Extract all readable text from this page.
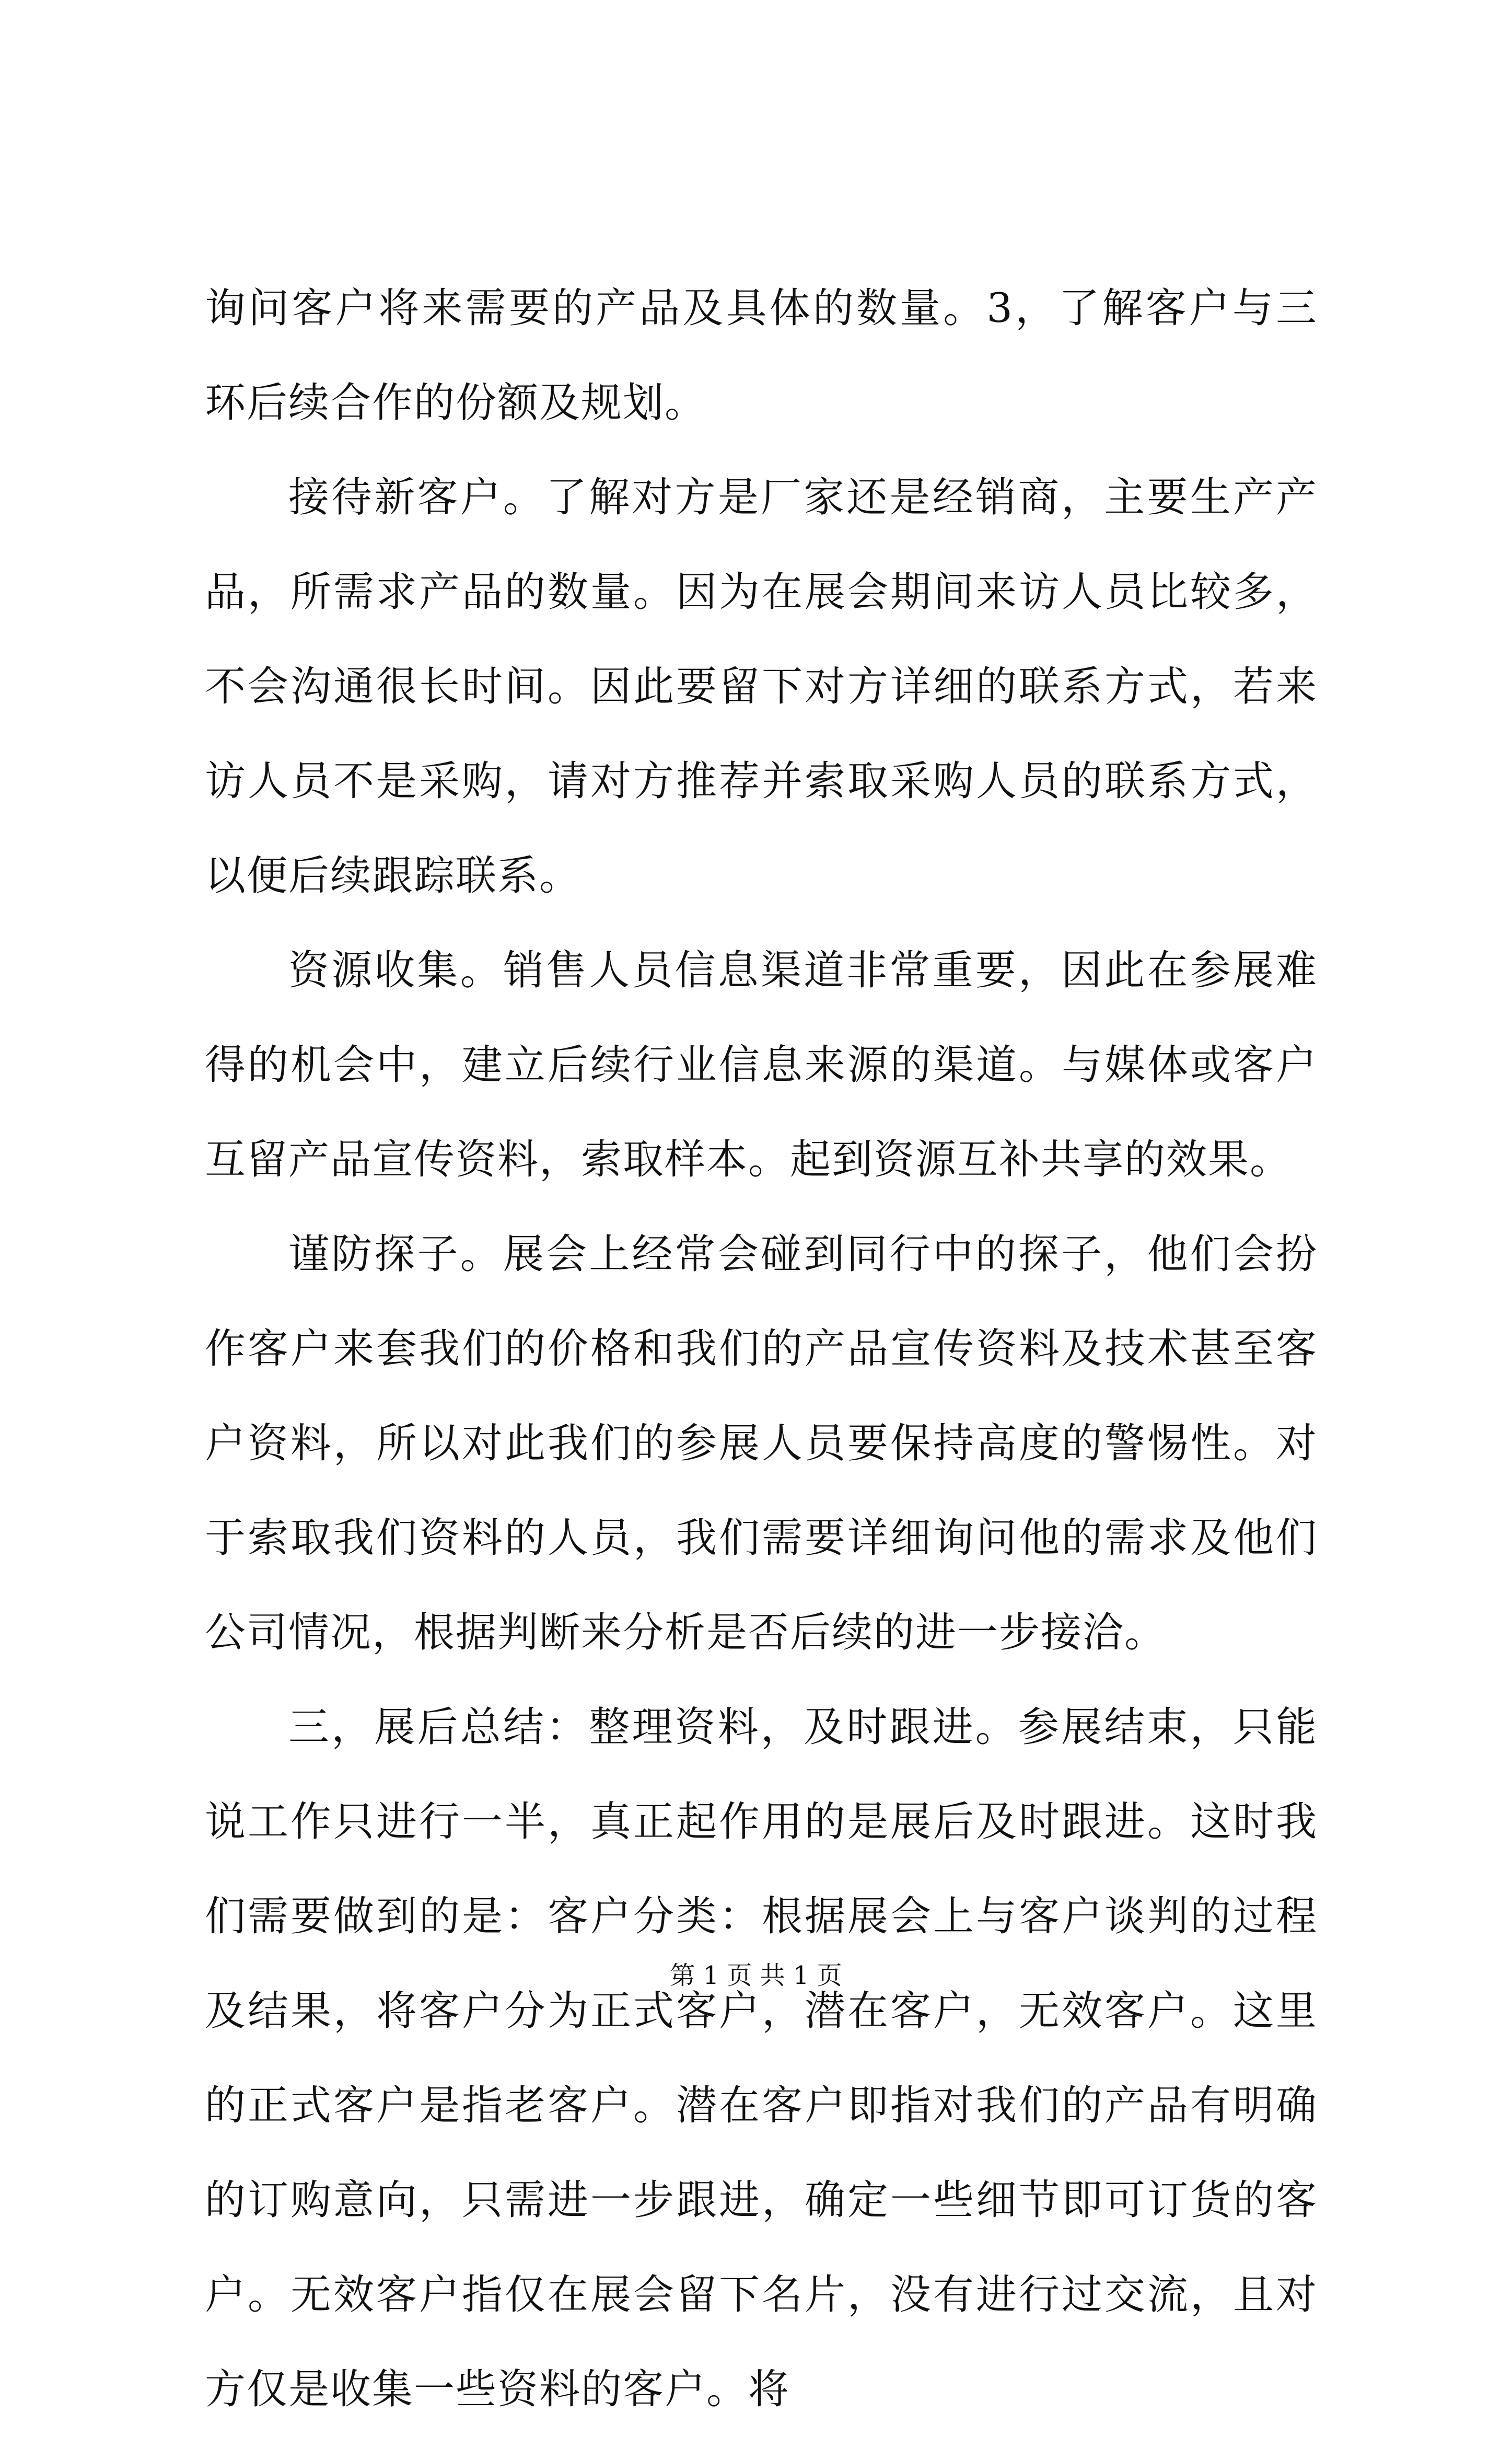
询问客户将来需要的产品及具体的数量。3，了解客户与三环后续合作的份额及规划。

接待新客户。了解对方是厂家还是经销商，主要生产产品，所需求产品的数量。因为在展会期间来访人员比较多，不会沟通很长时间。因此要留下对方详细的联系方式，若来访人员不是采购，请对方推荐并索取采购人员的联系方式，以便后续跟踪联系。

资源收集。销售人员信息渠道非常重要，因此在参展难得的机会中，建立后续行业信息来源的渠道。与媒体或客户互留产品宣传资料，索取样本。起到资源互补共享的效果。

谨防探子。展会上经常会碰到同行中的探子，他们会扮作客户来套我们的价格和我们的产品宣传资料及技术甚至客户资料，所以对此我们的参展人员要保持高度的警惕性。对于索取我们资料的人员，我们需要详细询问他的需求及他们公司情况，根据判断来分析是否后续的进一步接洽。

三，展后总结：整理资料，及时跟进。参展结束，只能说工作只进行一半，真正起作用的是展后及时跟进。这时我们需要做到的是：客户分类：根据展会上与客户谈判的过程及结果，将客户分为正式客户，潜在客户，无效客户。这里的正式客户是指老客户。潜在客户即指对我们的产品有明确的订购意向，只需进一步跟进，确定一些细节即可订货的客户。无效客户指仅在展会留下名片，没有进行过交流，且对方仅是收集一些资料的客户。将

第 1 页 共 1 页
